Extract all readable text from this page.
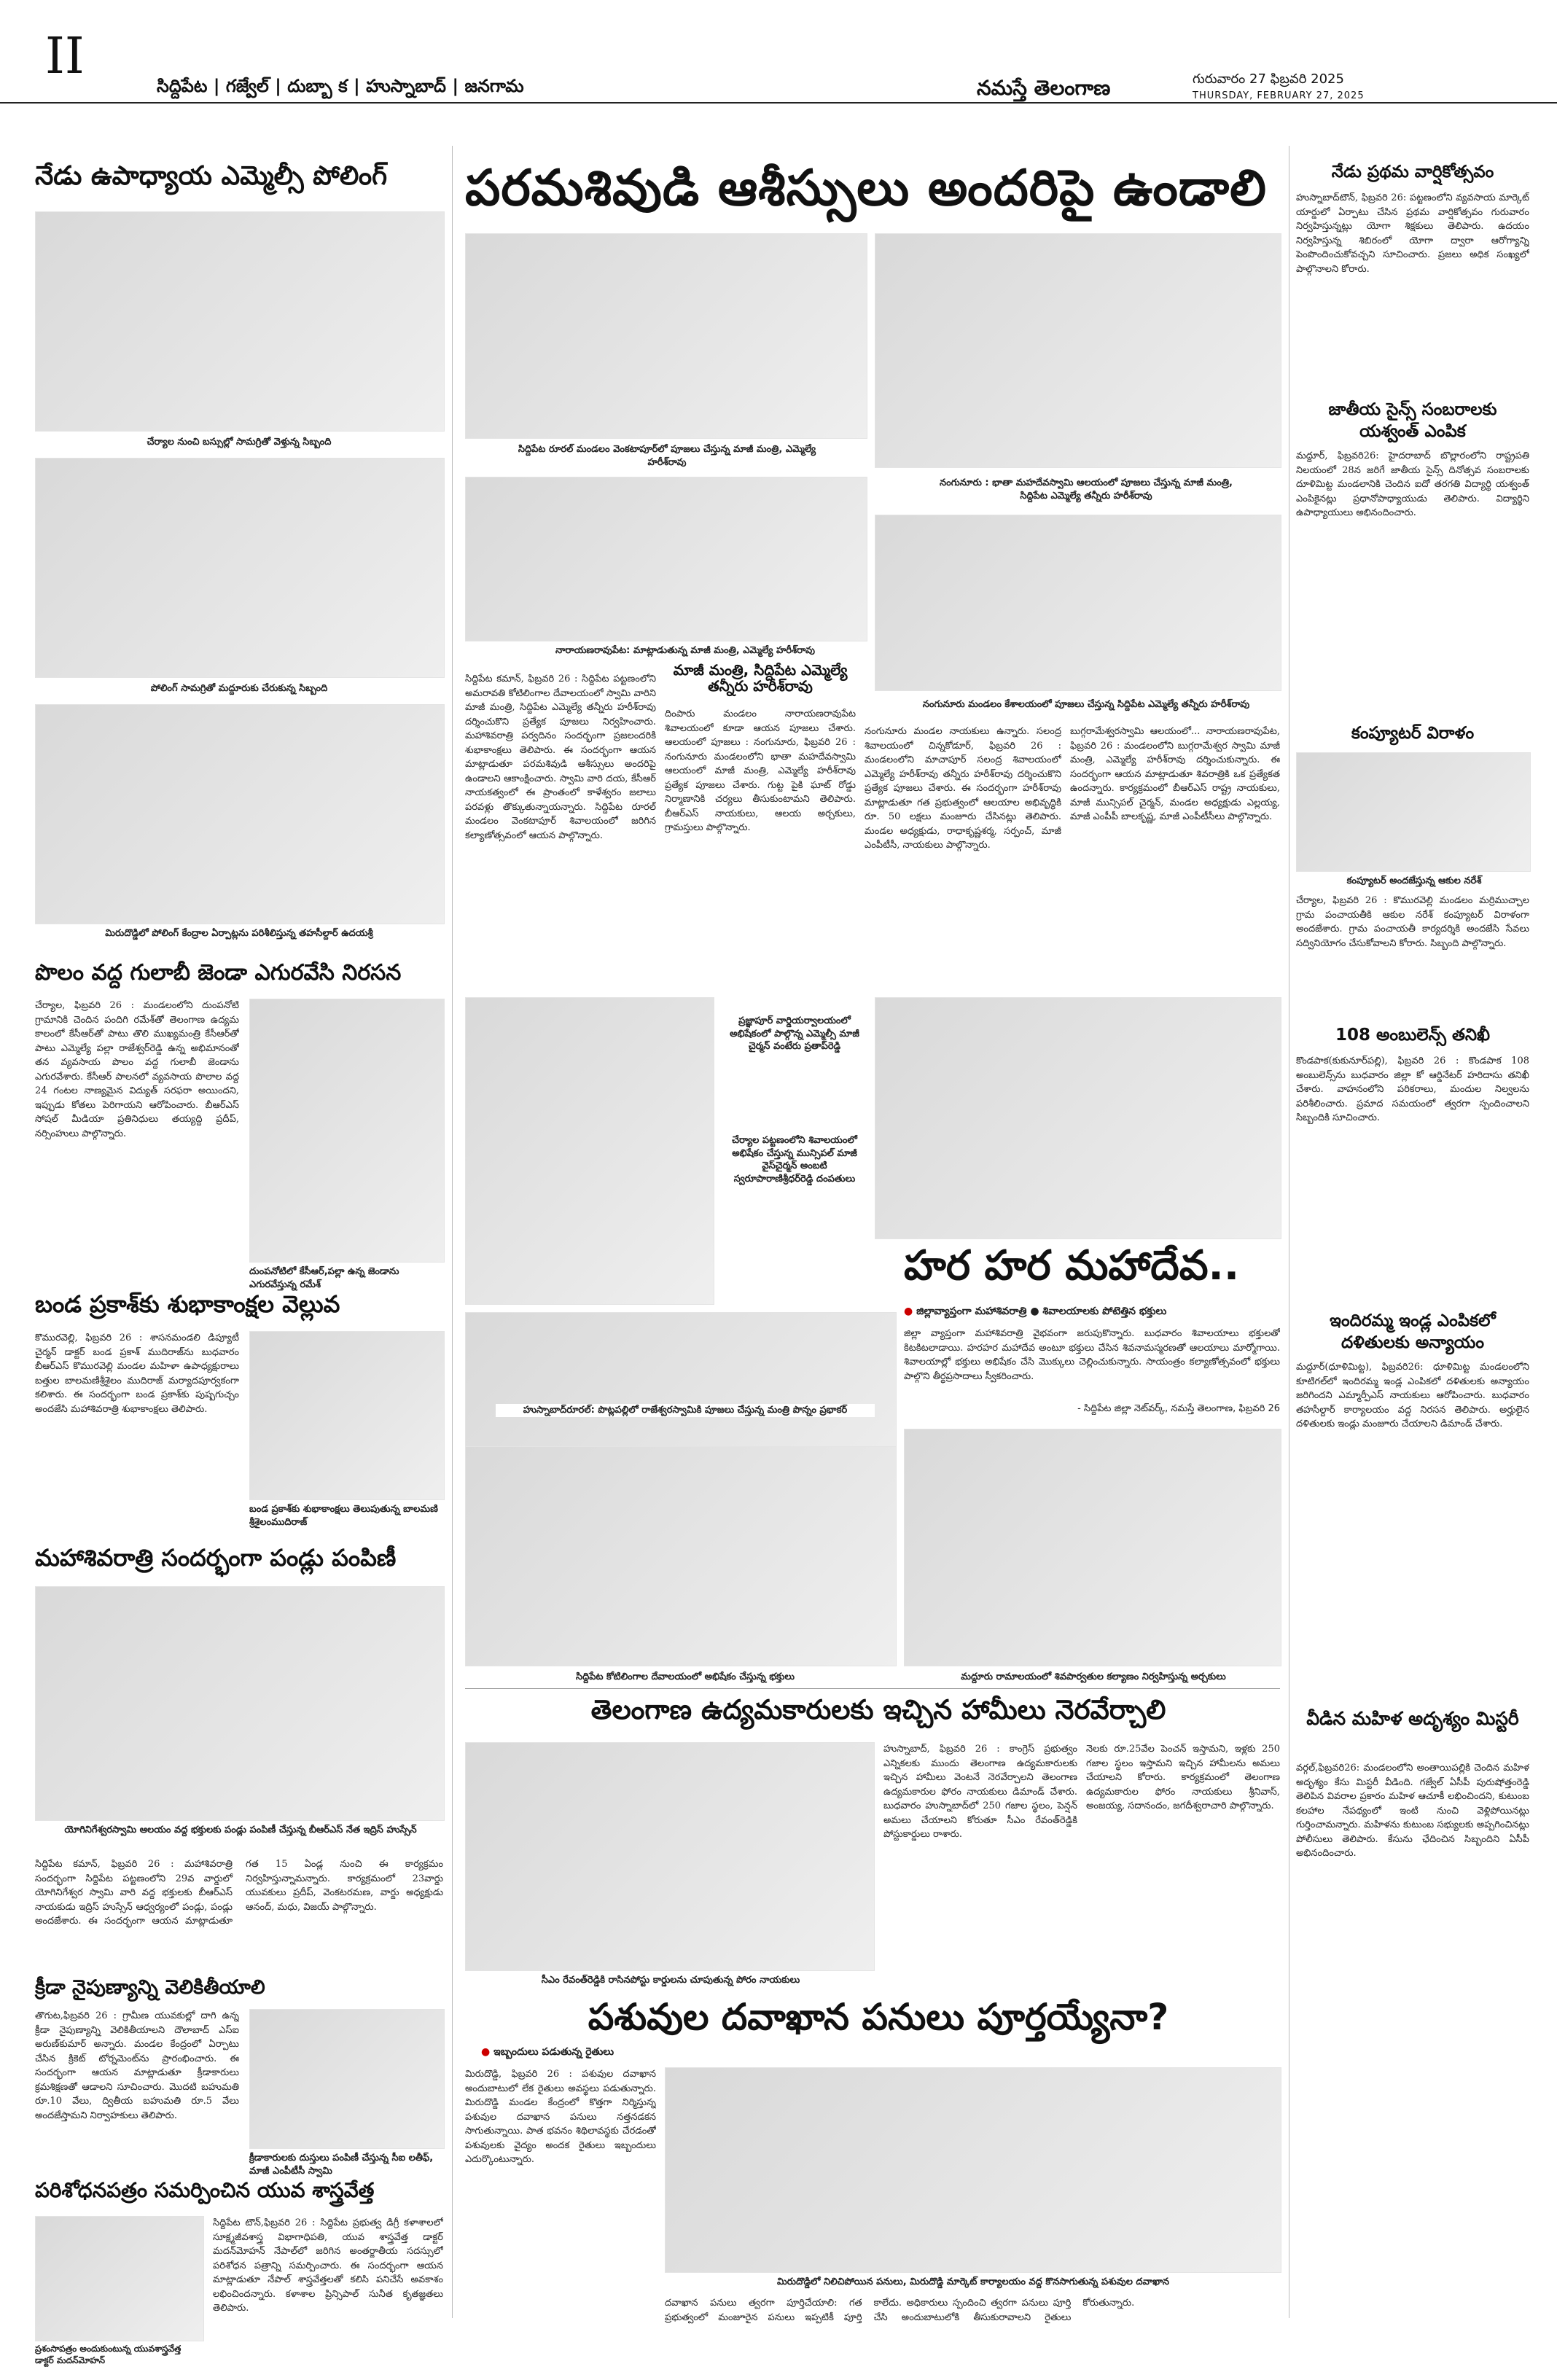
II
సిద్దిపేట | గజ్వేల్ | దుబ్బా క | హుస్నాబాద్ | జనగామ	నమస్తే తెలంగాణ	గురువారం 27 ఫిబ్రవరి 2025
THURSDAY, FEBRUARY 27, 2025
నేడు ఉపాధ్యాయ ఎమ్మెల్సీ పోలింగ్
చేర్యాల నుంచి బస్సుల్లో సామగ్రితో వెళ్తున్న సిబ్బంది
పోలింగ్ సామగ్రితో మద్దూరుకు చేరుకున్న సిబ్బంది
మిరుదొడ్డిలో పోలింగ్ కేంద్రాల ఏర్పాట్లను పరిశీలిస్తున్న తహసీల్దార్ ఉదయశ్రీ
పొలం వద్ద గులాబీ జెండా ఎగురవేసి నిరసన
చేర్యాల, ఫిబ్రవరి 26 : మండలంలోని దుంపనోటి గ్రామానికి చెందిన పందిగి రమేశ్‌తో తెలంగాణ ఉద్యమ కాలంలో కేసీఆర్‌తో పాటు తొలి ముఖ్యమంత్రి కేసీఆర్‌తో పాటు ఎమ్మెల్యే పల్లా రాజేశ్వర్‌రెడ్డి ఉన్న అభిమానంతో తన వ్యవసాయ పొలం వద్ద గులాబీ జెండాను ఎగురవేశారు. కేసీఆర్ పాలనలో వ్యవసాయ పొలాల వద్ద 24 గంటల నాణ్యమైన విద్యుత్ సరఫరా అయిందని, ఇప్పుడు కోతలు పెరిగాయని ఆరోపించారు. బీఆర్ఎస్ సోషల్ మీడియా ప్రతినిధులు తయ్యద్ది ప్రదీప్, నర్సింహులు పాల్గొన్నారు.
దుంపనోటిలో కేసీఆర్,పల్లా ఉన్న జెండాను ఎగురవేస్తున్న రమేశ్
బండ ప్రకాశ్‌కు శుభాకాంక్షల వెల్లువ
కొమురవెల్లి, ఫిబ్రవరి 26 : శాసనమండలి డిప్యూటీ చైర్మన్ డాక్టర్ బండ ప్రకాశ్ ముదిరాజ్‌ను బుధవారం బీఆర్ఎస్ కొమురవెల్లి మండల మహిళా ఉపాధ్యక్షురాలు బత్తుల బాలమణిశ్రీశైలం ముదిరాజ్ మర్యాదపూర్వకంగా కలిశారు. ఈ సందర్భంగా బండ ప్రకాశ్‌కు పుష్పగుచ్చం అందజేసి మహాశివరాత్రి శుభాకాంక్షలు తెలిపారు.
బండ ప్రకాశ్‌కు శుభాకాంక్షలు తెలుపుతున్న బాలమణి శ్రీశైలంముదిరాజ్
మహాశివరాత్రి సందర్భంగా పండ్లు పంపిణీ
యోగినిగేశ్వరస్వామి ఆలయం వద్ద భక్తులకు పండ్లు పంపిణీ చేస్తున్న బీఆర్ఎస్ నేత ఇద్రిస్ హుస్సేన్
సిద్దిపేట కమాన్, ఫిబ్రవరి 26 : మహాశివరాత్రి సందర్భంగా సిద్దిపేట పట్టణంలోని 29వ వార్డులో యోగినిగేశ్వర స్వామి వారి వద్ద భక్తులకు బీఆర్ఎస్ నాయకుడు ఇద్రిస్ హుస్సేన్ ఆధ్వర్యంలో పండ్లు, పండ్లు అందజేశారు. ఈ సందర్భంగా ఆయన మాట్లాడుతూ గత 15 ఏండ్ల నుంచి ఈ కార్యక్రమం నిర్వహిస్తున్నామన్నారు. కార్యక్రమంలో 23వార్డు యువకులు ప్రదీప్, వెంకటరమణ, వార్డు అధ్యక్షుడు ఆనంద్, మధు, విజయ్ పాల్గొన్నారు.
క్రీడా నైపుణ్యాన్ని వెలికితీయాలి
తొగుట,ఫిబ్రవరి 26 : గ్రామీణ యువకుల్లో దాగి ఉన్న క్రీడా నైపుణ్యాన్ని వెలికితీయాలని దౌలాబాద్ ఎస్ఐ అరుణ్‌కుమార్ అన్నారు. మండల కేంద్రంలో ఏర్పాటు చేసిన క్రికెట్ టోర్నమెంట్‌ను ప్రారంభించారు. ఈ సందర్భంగా ఆయన మాట్లాడుతూ క్రీడాకారులు క్రమశిక్షణతో ఆడాలని సూచించారు. మొదటి బహుమతి రూ.10 వేలు, ద్వితీయ బహుమతి రూ.5 వేలు అందజేస్తామని నిర్వాహకులు తెలిపారు.
క్రీడాకారులకు దుస్తులు పంపిణీ చేస్తున్న సీఐ లతీఫ్, మాజీ ఎంపీటీసీ స్వామి
పరిశోధనపత్రం సమర్పించిన యువ శాస్త్రవేత్త
ప్రశంసాపత్రం అందుకుంటున్న యువశాస్త్రవేత్త డాక్టర్ మదన్‌మోహన్
సిద్దిపేట టౌన్,ఫిబ్రవరి 26 : సిద్దిపేట ప్రభుత్వ డిగ్రీ కళాశాలలో సూక్ష్మజీవశాస్త్ర విభాగాధిపతి, యువ శాస్త్రవేత్త డాక్టర్ మదన్‌మోహన్ నేపాల్‌లో జరిగిన అంతర్జాతీయ సదస్సులో పరిశోధన పత్రాన్ని సమర్పించారు. ఈ సందర్భంగా ఆయన మాట్లాడుతూ నేపాల్ శాస్త్రవేత్తలతో కలిసి పనిచేసే అవకాశం లభించిందన్నారు. కళాశాల ప్రిన్సిపాల్ సునీత కృతజ్ఞతలు తెలిపారు.
పరమశివుడి ఆశీస్సులు అందరిపై ఉండాలి
సిద్దిపేట రూరల్ మండలం వెంకటాపూర్‌లో పూజలు చేస్తున్న మాజీ మంత్రి, ఎమ్మెల్యే హరీశ్‌రావు
నంగునూరు : భాతా మహదేవస్వామి ఆలయంలో పూజలు చేస్తున్న మాజీ మంత్రి, సిద్దిపేట ఎమ్మెల్యే తన్నీరు హరీశ్‌రావు
నారాయణరావుపేట: మాట్లాడుతున్న మాజీ మంత్రి, ఎమ్మెల్యే హరీశ్‌రావు
నంగునూరు మండలం కేశాలయంలో పూజలు చేస్తున్న సిద్దిపేట ఎమ్మెల్యే తన్నీరు హరీశ్‌రావు
సిద్దిపేట కమాన్, ఫిబ్రవరి 26 : సిద్దిపేట పట్టణంలోని అమరావతి కోటిలింగాల దేవాలయంలో స్వామి వారిని మాజీ మంత్రి, సిద్దిపేట ఎమ్మెల్యే తన్నీరు హరీశ్‌రావు దర్శించుకొని ప్రత్యేక పూజలు నిర్వహించారు. మహాశివరాత్రి పర్వదినం సందర్భంగా ప్రజలందరికి శుభాకాంక్షలు తెలిపారు. ఈ సందర్భంగా ఆయన మాట్లాడుతూ పరమశివుడి ఆశీస్సులు అందరిపై ఉండాలని ఆకాంక్షించారు. స్వామి వారి దయ, కేసీఆర్ నాయకత్వంలో ఈ ప్రాంతంలో కాళేశ్వరం జలాలు పరవళ్లు తొక్కుతున్నాయన్నారు. సిద్దిపేట రూరల్ మండలం వెంకటాపూర్ శివాలయంలో జరిగిన కల్యాణోత్సవంలో ఆయన పాల్గొన్నారు.
మాజీ మంత్రి, సిద్దిపేట ఎమ్మెల్యే తన్నీరు హరీశ్‌రావు
దింపారు మండలం నారాయణరావుపేట శివాలయంలో కూడా ఆయన పూజలు చేశారు. ఆలయంలో పూజలు : నంగునూరు, ఫిబ్రవరి 26 : నంగునూరు మండలంలోని భాతా మహదేవస్వామి ఆలయంలో మాజీ మంత్రి, ఎమ్మెల్యే హరీశ్‌రావు ప్రత్యేక పూజలు చేశారు. గుట్ట పైకి ఘాట్ రోడ్డు నిర్మాణానికి చర్యలు తీసుకుంటామని తెలిపారు. బీఆర్ఎస్ నాయకులు, ఆలయ అర్చకులు, గ్రామస్తులు పాల్గొన్నారు.
నంగునూరు మండల నాయకులు ఉన్నారు. సలంద్ర శివాలయంలో చిన్నకోడూర్, ఫిబ్రవరి 26 : మండలంలోని మాచాపూర్ సలంద్ర శివాలయంలో ఎమ్మెల్యే హరీశ్‌రావు తన్నీరు హరీశ్‌రావు దర్శించుకొని ప్రత్యేక పూజలు చేశారు. ఈ సందర్భంగా హరీశ్‌రావు మాట్లాడుతూ గత ప్రభుత్వంలో ఆలయాల అభివృద్ధికి రూ. 50 లక్షలు మంజూరు చేసినట్లు తెలిపారు. మండల అధ్యక్షుడు, రాధాకృష్ణశర్మ, సర్పంచ్, మాజీ ఎంపీటీసీ, నాయకులు పాల్గొన్నారు.
బుగ్గరామేశ్వరస్వామి ఆలయంలో... నారాయణరావుపేట, ఫిబ్రవరి 26 : మండలంలోని బుగ్గరామేశ్వర స్వామి మాజీ మంత్రి, ఎమ్మెల్యే హరీశ్‌రావు దర్శించుకున్నారు. ఈ సందర్భంగా ఆయన మాట్లాడుతూ శివరాత్రికి ఒక ప్రత్యేకత ఉందన్నారు. కార్యక్రమంలో బీఆర్ఎస్ రాష్ట్ర నాయకులు, మాజీ మున్సిపల్ చైర్మన్, మండల అధ్యక్షుడు ఎల్లయ్య, మాజీ ఎంపీపీ బాలకృష్ణ, మాజీ ఎంపీటీసీలు పాల్గొన్నారు.
ప్రజ్ఞాపూర్ వార్డియర్వాలయంలో అభిషేకంలో పాల్గొన్న ఎమ్మెల్సీ మాజీ చైర్మన్ వంటేరు ప్రతాప్‌రెడ్డి
చేర్యాల పట్టణంలోని శివాలయంలో అభిషేకం చేస్తున్న మున్సిపల్ మాజీ వైస్‌చైర్మన్ అంబటి స్వరూపారాణిశ్రీధర్‌రెడ్డి దంపతులు
హర హర మహాదేవ..
● జిల్లావ్యాప్తంగా మహాశివరాత్రి ● శివాలయాలకు పోటెత్తిన భక్తులు
జిల్లా వ్యాప్తంగా మహాశివరాత్రి వైభవంగా జరుపుకొన్నారు. బుధవారం శివాలయాలు భక్తులతో కిటకిటలాడాయి. హరహర మహాదేవ అంటూ భక్తులు చేసిన శివనామస్మరణతో ఆలయాలు మార్మోగాయి. శివాలయాల్లో భక్తులు అభిషేకం చేసి మొక్కులు చెల్లించుకున్నారు. సాయంత్రం కల్యాణోత్సవంలో భక్తులు పాల్గొని తీర్థప్రసాదాలు స్వీకరించారు.
- సిద్దిపేట జిల్లా నెట్‌వర్క్, నమస్తే తెలంగాణ, ఫిబ్రవరి 26
హుస్నాబాద్‌రూరల్: పొట్లపల్లిలో రాజేశ్వరస్వామికి పూజలు చేస్తున్న మంత్రి పొన్నం ప్రభాకర్
సిద్దిపేట కోటిలింగాల దేవాలయంలో అభిషేకం చేస్తున్న భక్తులు	మద్దూరు రామాలయంలో శివపార్వతుల కల్యాణం నిర్వహిస్తున్న అర్చకులు
తెలంగాణ ఉద్యమకారులకు ఇచ్చిన హామీలు నెరవేర్చాలి
సీఎం రేవంత్‌రెడ్డికి రాసినపోస్టు కార్డులను చూపుతున్న పోరం నాయకులు
హుస్నాబాద్, ఫిబ్రవరి 26 : కాంగ్రెస్ ప్రభుత్వం ఎన్నికలకు ముందు తెలంగాణ ఉద్యమకారులకు ఇచ్చిన హామీలు వెంటనే నెరవేర్చాలని తెలంగాణ ఉద్యమకారుల ఫోరం నాయకులు డిమాండ్ చేశారు. బుధవారం హుస్నాబాద్‌లో 250 గజాల స్థలం, పెన్షన్ అమలు చేయాలని కోరుతూ సీఎం రేవంత్‌రెడ్డికి పోస్టుకార్డులు రాశారు.
నెలకు రూ.25వేల పెంచన్ ఇస్తామని, ఇళ్లకు 250 గజాల స్థలం ఇస్తామని ఇచ్చిన హామీలను అమలు చేయాలని కోరారు. కార్యక్రమంలో తెలంగాణ ఉద్యమకారుల ఫోరం నాయకులు శ్రీనివాస్, అంజయ్య, సదానందం, జగదీశ్వరాచారి పాల్గొన్నారు.
పశువుల దవాఖాన పనులు పూర్తయ్యేనా?
● ఇబ్బందులు పడుతున్న రైతులు
మిరుదొడ్డి, ఫిబ్రవరి 26 : పశువుల దవాఖాన అందుబాటులో లేక రైతులు అవస్థలు పడుతున్నారు. మిరుదొడ్డి మండల కేంద్రంలో కొత్తగా నిర్మిస్తున్న పశువుల దవాఖాన పనులు నత్తనడకన సాగుతున్నాయి. పాత భవనం శిథిలావస్థకు చేరడంతో పశువులకు వైద్యం అందక రైతులు ఇబ్బందులు ఎదుర్కొంటున్నారు.
మిరుదొడ్డిలో నిలిచిపోయిన పనులు, మిరుదొడ్డి మార్కెట్ కార్యాలయం వద్ద కొనసాగుతున్న పశువుల దవాఖాన
దవాఖాన పనులు త్వరగా పూర్తిచేయాలి: గత ప్రభుత్వంలో మంజూరైన పనులు ఇప్పటికీ పూర్తి కాలేదు. అధికారులు స్పందించి త్వరగా పనులు పూర్తి చేసి అందుబాటులోకి తీసుకురావాలని రైతులు కోరుతున్నారు.
నేడు ప్రథమ వార్షికోత్సవం
హుస్నాబాద్‌టౌన్, ఫిబ్రవరి 26: పట్టణంలోని వ్యవసాయ మార్కెట్ యార్డులో ఏర్పాటు చేసిన ప్రథమ వార్షికోత్సవం గురువారం నిర్వహిస్తున్నట్లు యోగా శిక్షకులు తెలిపారు. ఉదయం నిర్వహిస్తున్న శిబిరంలో యోగా ద్వారా ఆరోగ్యాన్ని పెంపొందించుకోవచ్చని సూచించారు. ప్రజలు అధిక సంఖ్యలో పాల్గొనాలని కోరారు.
జాతీయ సైన్స్ సంబరాలకు యశ్వంత్ ఎంపిక
మద్దూర్, ఫిబ్రవరి26: హైదరాబాద్ బొల్లారంలోని రాష్ట్రపతి నిలయంలో 28న జరిగే జాతీయ సైన్స్ దినోత్సవ సంబరాలకు దూళిమిట్ట మండలానికి చెందిన ఐదో తరగతి విద్యార్థి యశ్వంత్ ఎంపికైనట్లు ప్రధానోపాధ్యాయుడు తెలిపారు. విద్యార్థిని ఉపాధ్యాయులు అభినందించారు.
కంప్యూటర్ విరాళం
కంప్యూటర్ అందజేస్తున్న ఆకుల నరేశ్
చేర్యాల, ఫిబ్రవరి 26 : కొమురవెల్లి మండలం మర్రిముచ్చాల గ్రామ పంచాయతీకి ఆకుల నరేశ్ కంప్యూటర్ విరాళంగా అందజేశారు. గ్రామ పంచాయతీ కార్యదర్శికి అందజేసి సేవలు సద్వినియోగం చేసుకోవాలని కోరారు. సిబ్బంది పాల్గొన్నారు.
108 అంబులెన్స్ తనిఖీ
కొండపాక(కుకునూర్‌పల్లి), ఫిబ్రవరి 26 : కొండపాక 108 అంబులెన్స్‌ను బుధవారం జిల్లా కో ఆర్డినేటర్ హరిదాసు తనిఖీ చేశారు. వాహనంలోని పరికరాలు, మందుల నిల్వలను పరిశీలించారు. ప్రమాద సమయంలో త్వరగా స్పందించాలని సిబ్బందికి సూచించారు.
ఇందిరమ్మ ఇండ్ల ఎంపికలో దళితులకు అన్యాయం
మద్దూర్(ధూళిమిట్ట), ఫిబ్రవరి26: ధూళిమిట్ట మండలంలోని కూటిగల్‌లో ఇందిరమ్మ ఇండ్ల ఎంపికలో దళితులకు అన్యాయం జరిగిందని ఎమ్మార్పీఎస్ నాయకులు ఆరోపించారు. బుధవారం తహసీల్దార్ కార్యాలయం వద్ద నిరసన తెలిపారు. అర్హులైన దళితులకు ఇండ్లు మంజూరు చేయాలని డిమాండ్ చేశారు.
వీడిన మహిళ అదృశ్యం మిస్టరీ
వర్గల్,ఫిబ్రవరి26: మండలంలోని అంతాయిపల్లికి చెందిన మహిళ అదృశ్యం కేసు మిస్టరీ వీడింది. గజ్వేల్ ఏసీపీ పురుషోత్తంరెడ్డి తెలిపిన వివరాల ప్రకారం మహిళ ఆచూకీ లభించిందని, కుటుంబ కలహాల నేపథ్యంలో ఇంటి నుంచి వెళ్లిపోయినట్లు గుర్తించామన్నారు. మహిళను కుటుంబ సభ్యులకు అప్పగించినట్లు పోలీసులు తెలిపారు. కేసును ఛేదించిన సిబ్బందిని ఏసీపీ అభినందించారు.
